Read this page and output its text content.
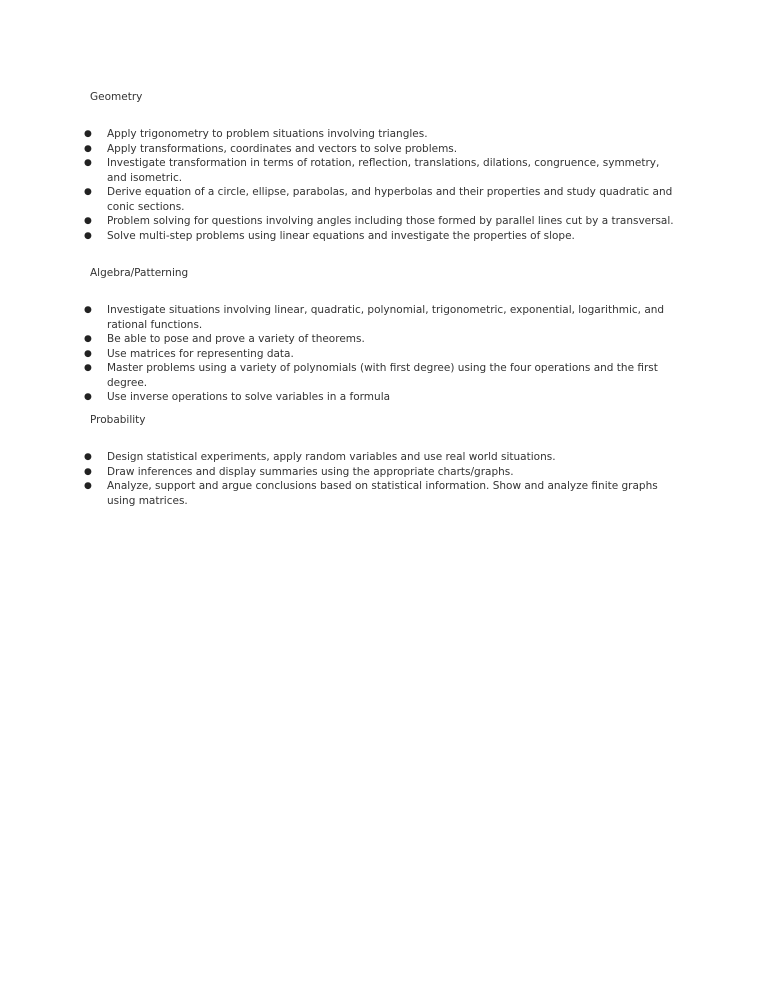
Geometry
● Apply trigonometry to problem situations involving triangles.
● Apply transformations, coordinates and vectors to solve problems.
● Investigate transformation in terms of rotation, reflection, translations, dilations, congruence, symmetry, and isometric.
● Derive equation of a circle, ellipse, parabolas, and hyperbolas and their properties and study quadratic and conic sections.
● Problem solving for questions involving angles including those formed by parallel lines cut by a transversal.
● Solve multi-step problems using linear equations and investigate the properties of slope.
Algebra/Patterning
● Investigate situations involving linear, quadratic, polynomial, trigonometric, exponential, logarithmic, and rational functions.
● Be able to pose and prove a variety of theorems.
● Use matrices for representing data.
● Master problems using a variety of polynomials (with first degree) using the four operations and the first degree.
● Use inverse operations to solve variables in a formula
Probability
● Design statistical experiments, apply random variables and use real world situations.
● Draw inferences and display summaries using the appropriate charts/graphs.
● Analyze, support and argue conclusions based on statistical information. Show and analyze finite graphs using matrices.
